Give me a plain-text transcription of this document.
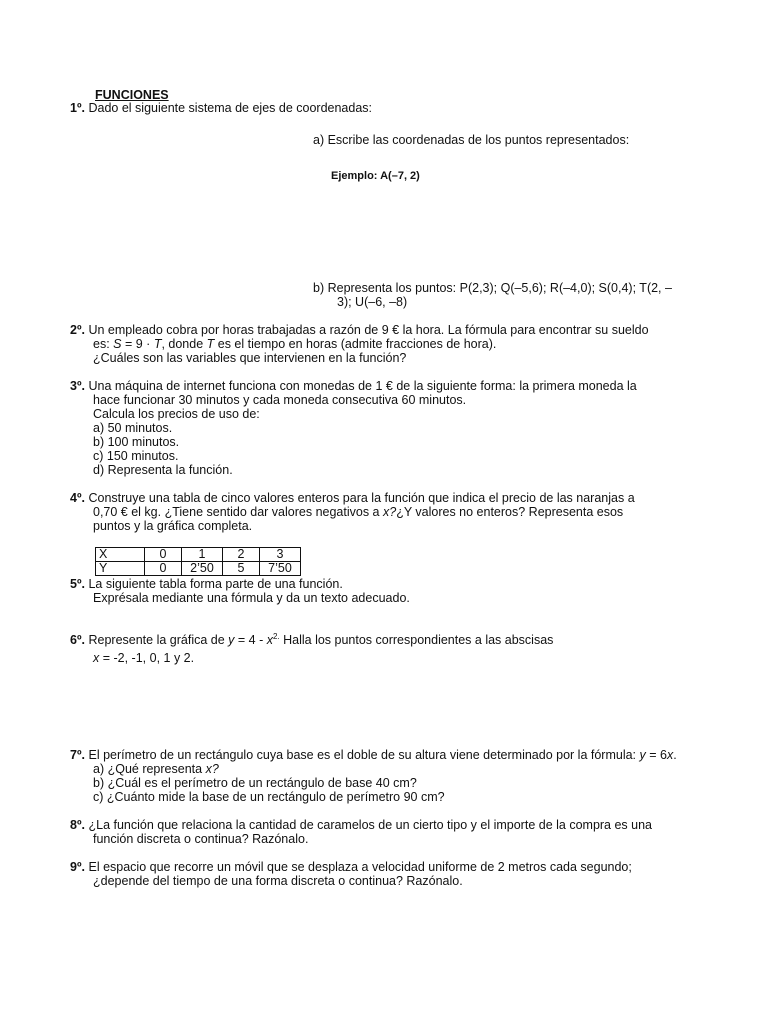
FUNCIONES
1º. Dado el siguiente sistema de ejes de coordenadas:
a) Escribe las coordenadas de los puntos representados:
Ejemplo: A(–7, 2)
b) Representa los puntos: P(2,3); Q(–5,6); R(–4,0); S(0,4); T(2, –
3); U(–6, –8)
2º. Un empleado cobra por horas trabajadas a razón de 9 € la hora. La fórmula para encontrar su sueldo
es: S = 9 · T, donde T es el tiempo en horas (admite fracciones de hora).
¿Cuáles son las variables que intervienen en la función?
3º. Una máquina de internet funciona con monedas de 1 € de la siguiente forma: la primera moneda la
hace funcionar 30 minutos y cada moneda consecutiva 60 minutos.
Calcula los precios de uso de:
a) 50 minutos.
b) 100 minutos.
c) 150 minutos.
d) Representa la función.
4º. Construye una tabla de cinco valores enteros para la función que indica el precio de las naranjas a
0,70 € el kg. ¿Tiene sentido dar valores negativos a x?¿Y valores no enteros? Representa esos
puntos y la gráfica completa.
X	0	1	2	3
Y	0	2’50	5	7’50
5º. La siguiente tabla forma parte de una función.
Exprésala mediante una fórmula y da un texto adecuado.
6º. Represente la gráfica de $y = 4 - x^{2.}$ Halla los puntos correspondientes a las abscisas
x = -2, -1, 0, 1 y 2.
7º. El perímetro de un rectángulo cuya base es el doble de su altura viene determinado por la fórmula: y = 6x.
a) ¿Qué representa x?
b) ¿Cuál es el perímetro de un rectángulo de base 40 cm?
c) ¿Cuánto mide la base de un rectángulo de perímetro 90 cm?
8º. ¿La función que relaciona la cantidad de caramelos de un cierto tipo y el importe de la compra es una
función discreta o continua? Razónalo.
9º. El espacio que recorre un móvil que se desplaza a velocidad uniforme de 2 metros cada segundo;
¿depende del tiempo de una forma discreta o continua? Razónalo.
